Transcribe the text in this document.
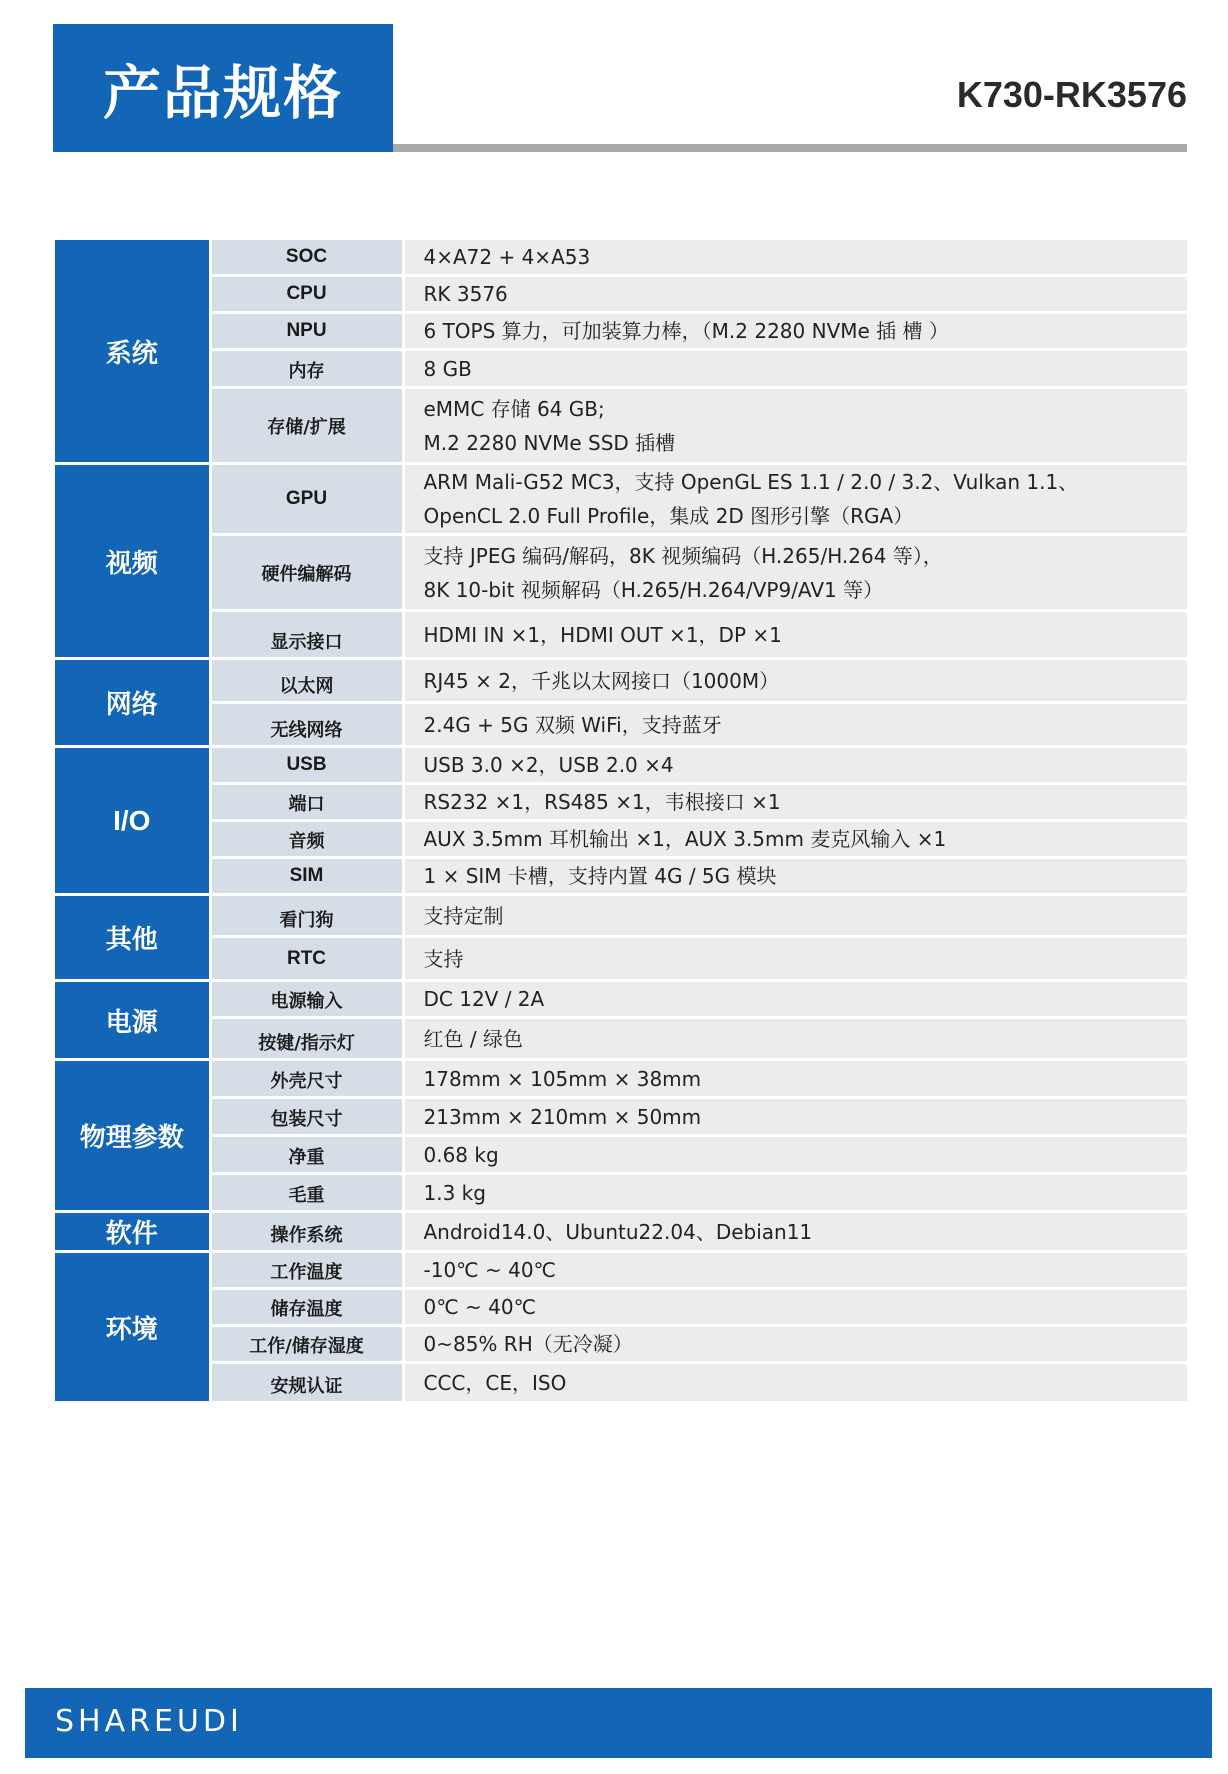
产品规格	K730-RK3576
系统	SOC	4×A72 + 4×A53

	CPU	RK 3576

	NPU	6 TOPS 算力，可加装算力棒，（M.2 2280 NVMe 插 槽 ）

	内存	8 GB

	存储/扩展	eMMC 存储 64 GB;
M.2 2280 NVMe SSD 插槽

视频	GPU	ARM Mali-G52 MC3，支持 OpenGL ES 1.1 / 2.0 / 3.2、Vulkan 1.1、
OpenCL 2.0 Full Profile，集成 2D 图形引擎（RGA）

	硬件编解码	支持 JPEG 编码/解码，8K 视频编码（H.265/H.264 等），
8K 10-bit 视频解码（H.265/H.264/VP9/AV1 等）

	显示接口	HDMI IN ×1，HDMI OUT ×1，DP ×1

网络	以太网	RJ45 × 2，千兆以太网接口（1000M）

	无线网络	2.4G + 5G 双频 WiFi，支持蓝牙

I/O	USB	USB 3.0 ×2，USB 2.0 ×4

	端口	RS232 ×1，RS485 ×1，韦根接口 ×1

	音频	AUX 3.5mm 耳机输出 ×1，AUX 3.5mm 麦克风输入 ×1

	SIM	1 × SIM 卡槽，支持内置 4G / 5G 模块

其他	看门狗	支持定制

	RTC	支持

电源	电源输入	DC 12V / 2A

	按键/指示灯	红色 / 绿色

物理参数	外壳尺寸	178mm × 105mm × 38mm

	包装尺寸	213mm × 210mm × 50mm

	净重	0.68 kg

	毛重	1.3 kg

软件	操作系统	Android14.0、Ubuntu22.04、Debian11

环境	工作温度	-10℃ ~ 40℃

	储存温度	0℃ ~ 40℃

	工作/储存湿度	0~85% RH（无冷凝）

	安规认证	CCC，CE，ISO
SHAREUDI
